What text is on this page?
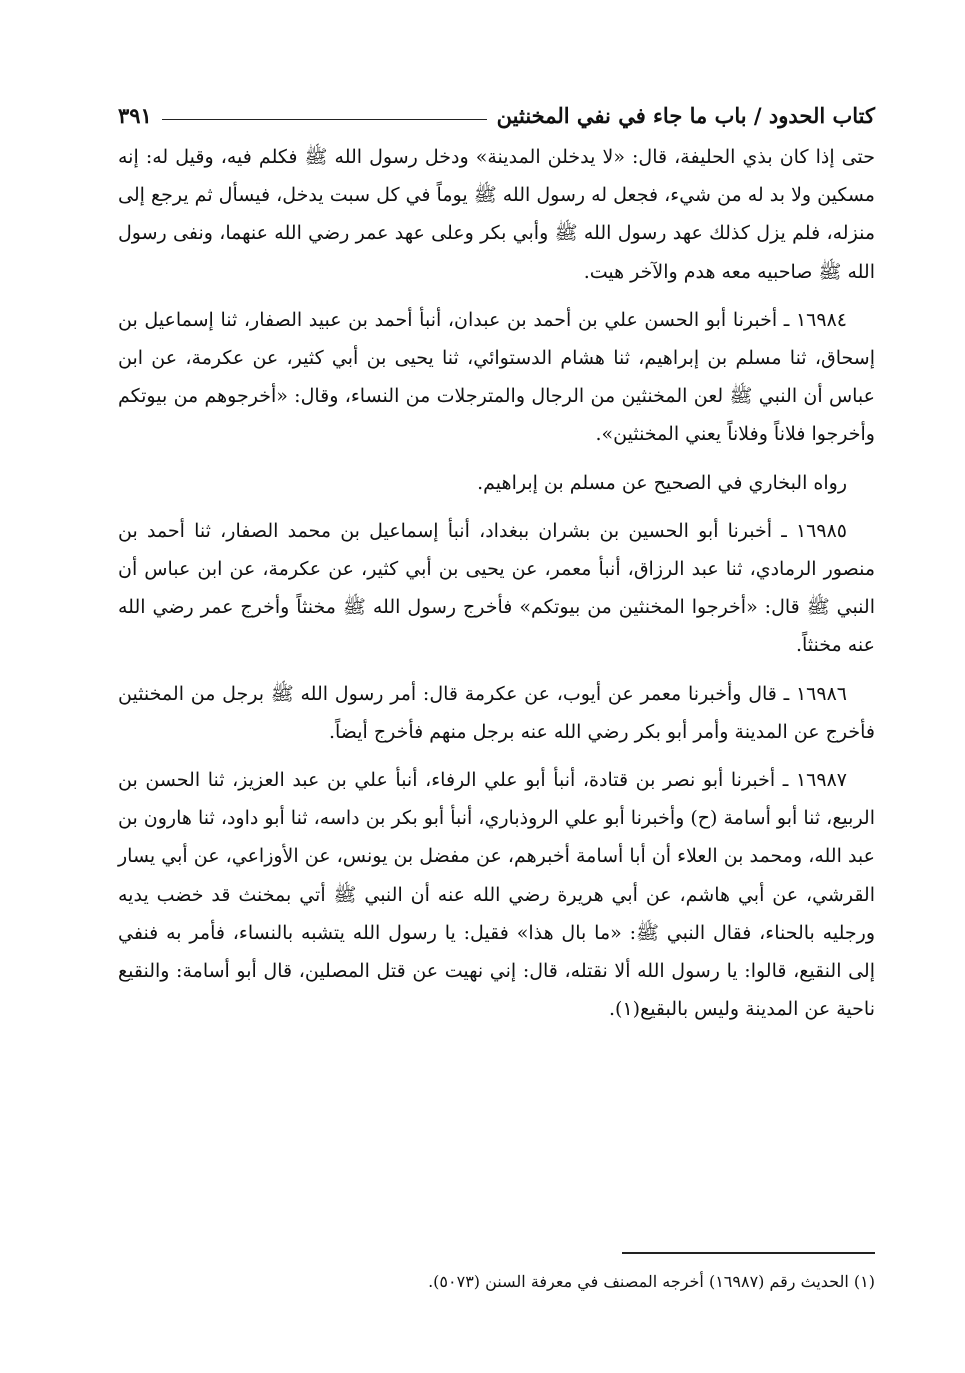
كتاب الحدود / باب ما جاء في نفي المخنثين
٣٩١

حتى إذا كان بذي الحليفة، قال: «لا يدخلن المدينة» ودخل رسول الله ﷺ فكلم فيه، وقيل له: إنه مسكين ولا بد له من شيء، فجعل له رسول الله ﷺ يوماً في كل سبت يدخل، فيسأل ثم يرجع إلى منزله، فلم يزل كذلك عهد رسول الله ﷺ وأبي بكر وعلى عهد عمر رضي الله عنهما، ونفى رسول الله ﷺ صاحبيه معه هدم والآخر هيت.

١٦٩٨٤ ـ أخبرنا أبو الحسن علي بن أحمد بن عبدان، أنبأ أحمد بن عبيد الصفار، ثنا إسماعيل بن إسحاق، ثنا مسلم بن إبراهيم، ثنا هشام الدستوائي، ثنا يحيى بن أبي كثير، عن عكرمة، عن ابن عباس أن النبي ﷺ لعن المخنثين من الرجال والمترجلات من النساء، وقال: «أخرجوهم من بيوتكم وأخرجوا فلاناً وفلاناً يعني المخنثين».

رواه البخاري في الصحيح عن مسلم بن إبراهيم.

١٦٩٨٥ ـ أخبرنا أبو الحسين بن بشران ببغداد، أنبأ إسماعيل بن محمد الصفار، ثنا أحمد بن منصور الرمادي، ثنا عبد الرزاق، أنبأ معمر، عن يحيى بن أبي كثير، عن عكرمة، عن ابن عباس أن النبي ﷺ قال: «أخرجوا المخنثين من بيوتكم» فأخرج رسول الله ﷺ مخنثاً وأخرج عمر رضي الله عنه مخنثاً.

١٦٩٨٦ ـ قال وأخبرنا معمر عن أيوب، عن عكرمة قال: أمر رسول الله ﷺ برجل من المخنثين فأخرج عن المدينة وأمر أبو بكر رضي الله عنه برجل منهم فأخرج أيضاً.

١٦٩٨٧ ـ أخبرنا أبو نصر بن قتادة، أنبأ أبو علي الرفاء، أنبأ علي بن عبد العزيز، ثنا الحسن بن الربيع، ثنا أبو أسامة (ح) وأخبرنا أبو علي الروذباري، أنبأ أبو بكر بن داسه، ثنا أبو داود، ثنا هارون بن عبد الله، ومحمد بن العلاء أن أبا أسامة أخبرهم، عن مفضل بن يونس، عن الأوزاعي، عن أبي يسار القرشي، عن أبي هاشم، عن أبي هريرة رضي الله عنه أن النبي ﷺ أتي بمخنث قد خضب يديه ورجليه بالحناء، فقال النبي ﷺ: «ما بال هذا» فقيل: يا رسول الله يتشبه بالنساء، فأمر به فنفي إلى النقيع، قالوا: يا رسول الله ألا نقتله، قال: إني نهيت عن قتل المصلين، قال أبو أسامة: والنقيع ناحية عن المدينة وليس بالبقيع(١).

(١) الحديث رقم (١٦٩٨٧) أخرجه المصنف في معرفة السنن (٥٠٧٣).
